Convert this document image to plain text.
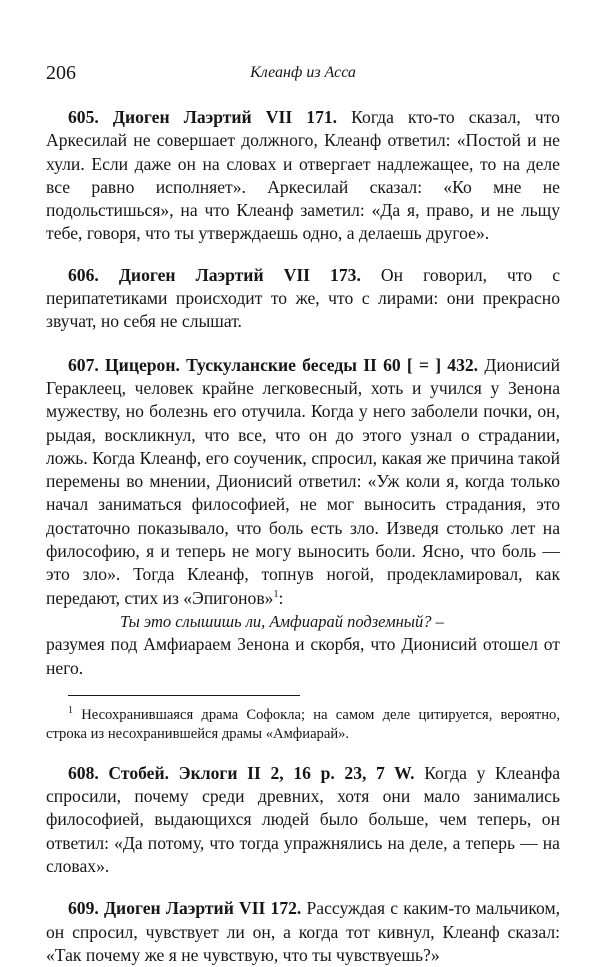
206	Клеанф из Асса

605. Диоген Лаэртий VII 171. Когда кто-то сказал, что Аркесилай не совершает должного, Клеанф ответил: «Постой и не хули. Если даже он на словах и отвергает надлежащее, то на деле все равно исполняет». Аркесилай сказал: «Ко мне не подольстишься», на что Клеанф заметил: «Да я, право, и не льщу тебе, говоря, что ты утверждаешь одно, а делаешь другое».

606. Диоген Лаэртий VII 173. Он говорил, что с перипатетиками происходит то же, что с лирами: они прекрасно звучат, но себя не слышат.

607. Цицерон. Тускуланские беседы II 60 [ = ] 432. Дионисий Гераклеец, человек крайне легковесный, хоть и учился у Зенона мужеству, но болезнь его отучила. Когда у него заболели почки, он, рыдая, воскликнул, что все, что он до этого узнал о страдании, ложь. Когда Клеанф, его соученик, спросил, какая же причина такой перемены во мнении, Дионисий ответил: «Уж коли я, когда только начал заниматься философией, не мог выносить страдания, это достаточно показывало, что боль есть зло. Изведя столько лет на философию, я и теперь не могу выносить боли. Ясно, что боль — это зло». Тогда Клеанф, топнув ногой, продекламировал, как передают, стих из «Эпигонов»$^1$:

Ты это слышишь ли, Амфиарай подземный? –

разумея под Амфиараем Зенона и скорбя, что Дионисий отошел от него.

$^1$ Несохранившаяся драма Софокла; на самом деле цитируется, вероятно, строка из несохранившейся драмы «Амфиарай».

608. Стобей. Эклоги II 2, 16 p. 23, 7 W. Когда у Клеанфа спросили, почему среди древних, хотя они мало занимались философией, выдающихся людей было больше, чем теперь, он ответил: «Да потому, что тогда упражнялись на деле, а теперь — на словах».

609. Диоген Лаэртий VII 172. Рассуждая с каким-то мальчиком, он спросил, чувствует ли он, а когда тот кивнул, Клеанф сказал: «Так почему же я не чувствую, что ты чувствуешь?»
